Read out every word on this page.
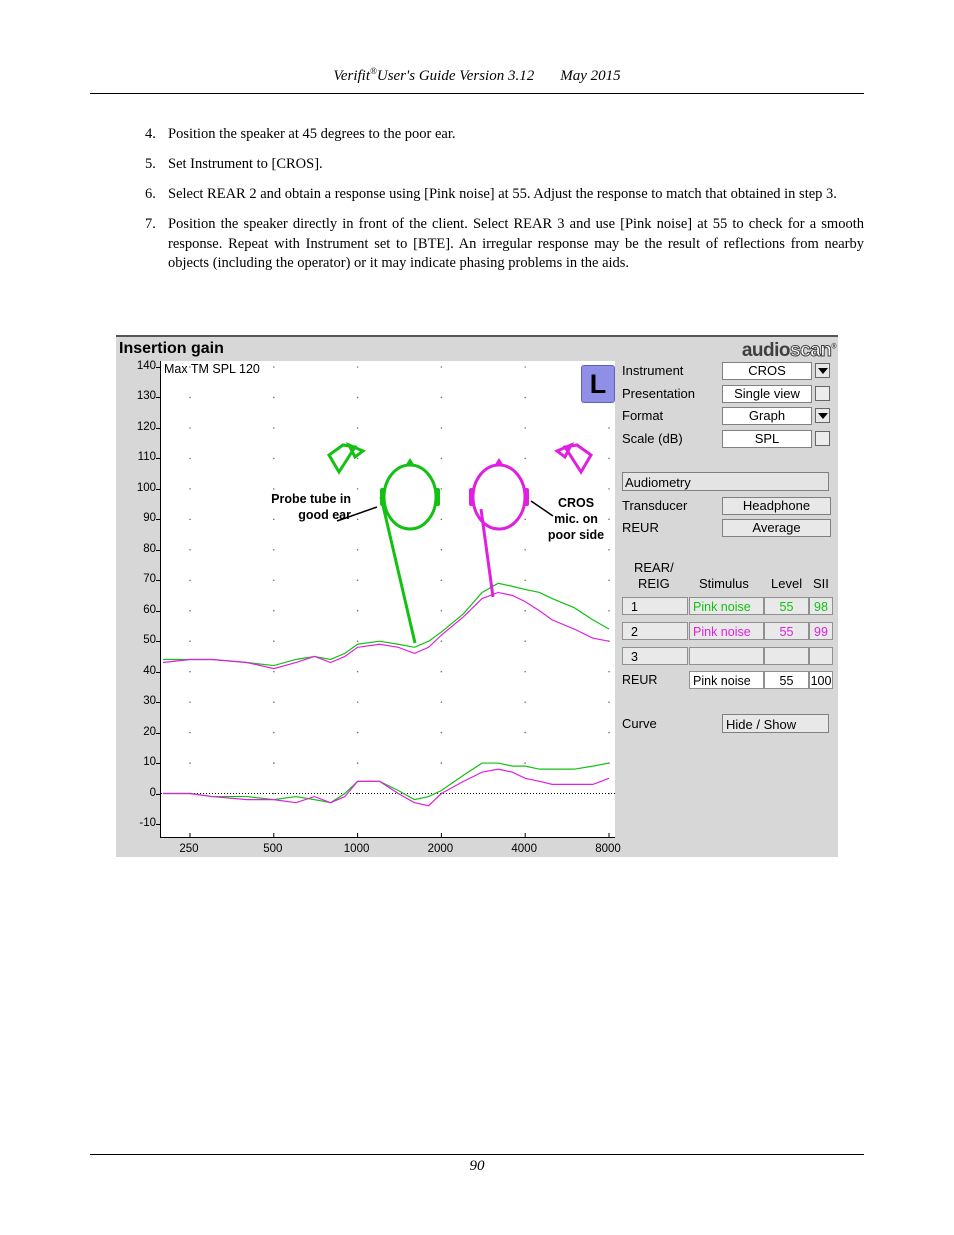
Verifit®User's Guide Version 3.12 May 2015
4. Position the speaker at 45 degrees to the poor ear.
5. Set Instrument to [CROS].
6. Select REAR 2 and obtain a response using [Pink noise] at 55. Adjust the response to match that obtained in step 3.
7. Position the speaker directly in front of the client. Select REAR 3 and use [Pink noise] at 55 to check for a smooth response. Repeat with Instrument set to [BTE]. An irregular response may be the result of reflections from nearby objects (including the operator) or it may indicate phasing problems in the aids.
Insertion gain	audioscan®
140
130
120
110
100
90
80
70
60
50
40
30
20
10
0
-10
Max TM SPL 120	L
Probe tube in
good ear
CROS
mic. on
poor side
Instrument	CROS
Presentation	Single view
Format	Graph
Scale (dB)	SPL
Audiometry
Transducer	Headphone
REUR	Average
REAR/
REIG	Stimulus Level SII
1	Pink noise	55	98
2	Pink noise	55	99
3
REUR	Pink noise	55	100
Curve	Hide / Show
250	500	1000	2000	4000	8000
90
